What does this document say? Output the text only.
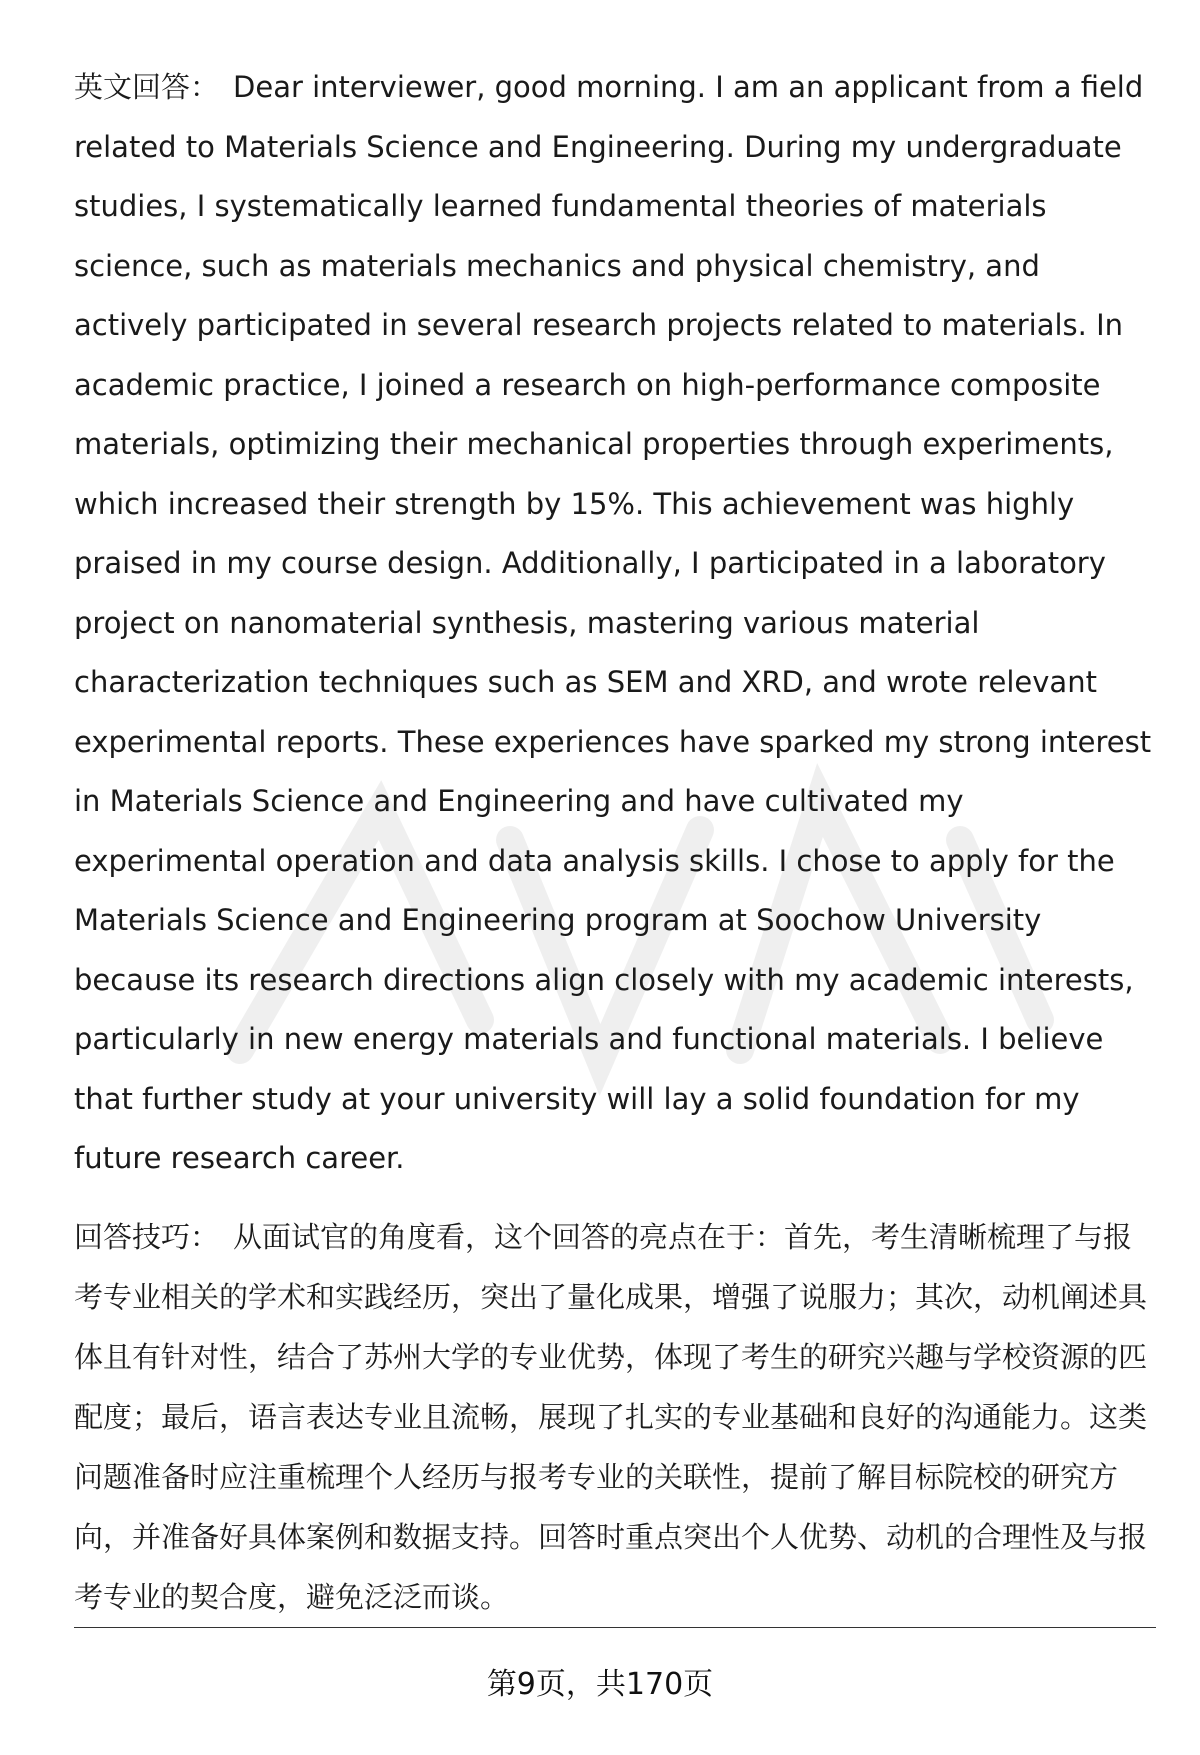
英文回答： Dear interviewer, good morning. I am an applicant from a field related to Materials Science and Engineering. During my undergraduate studies, I systematically learned fundamental theories of materials science, such as materials mechanics and physical chemistry, and actively participated in several research projects related to materials. In academic practice, I joined a research on high-performance composite materials, optimizing their mechanical properties through experiments, which increased their strength by 15%. This achievement was highly praised in my course design. Additionally, I participated in a laboratory project on nanomaterial synthesis, mastering various material characterization techniques such as SEM and XRD, and wrote relevant experimental reports. These experiences have sparked my strong interest in Materials Science and Engineering and have cultivated my experimental operation and data analysis skills. I chose to apply for the Materials Science and Engineering program at Soochow University because its research directions align closely with my academic interests, particularly in new energy materials and functional materials. I believe that further study at your university will lay a solid foundation for my future research career.

回答技巧： 从面试官的角度看，这个回答的亮点在于：首先，考生清晰梳理了与报考专业相关的学术和实践经历，突出了量化成果，增强了说服力；其次，动机阐述具体且有针对性，结合了苏州大学的专业优势，体现了考生的研究兴趣与学校资源的匹配度；最后，语言表达专业且流畅，展现了扎实的专业基础和良好的沟通能力。这类问题准备时应注重梳理个人经历与报考专业的关联性，提前了解目标院校的研究方向，并准备好具体案例和数据支持。回答时重点突出个人优势、动机的合理性及与报考专业的契合度，避免泛泛而谈。

第9页，共170页
